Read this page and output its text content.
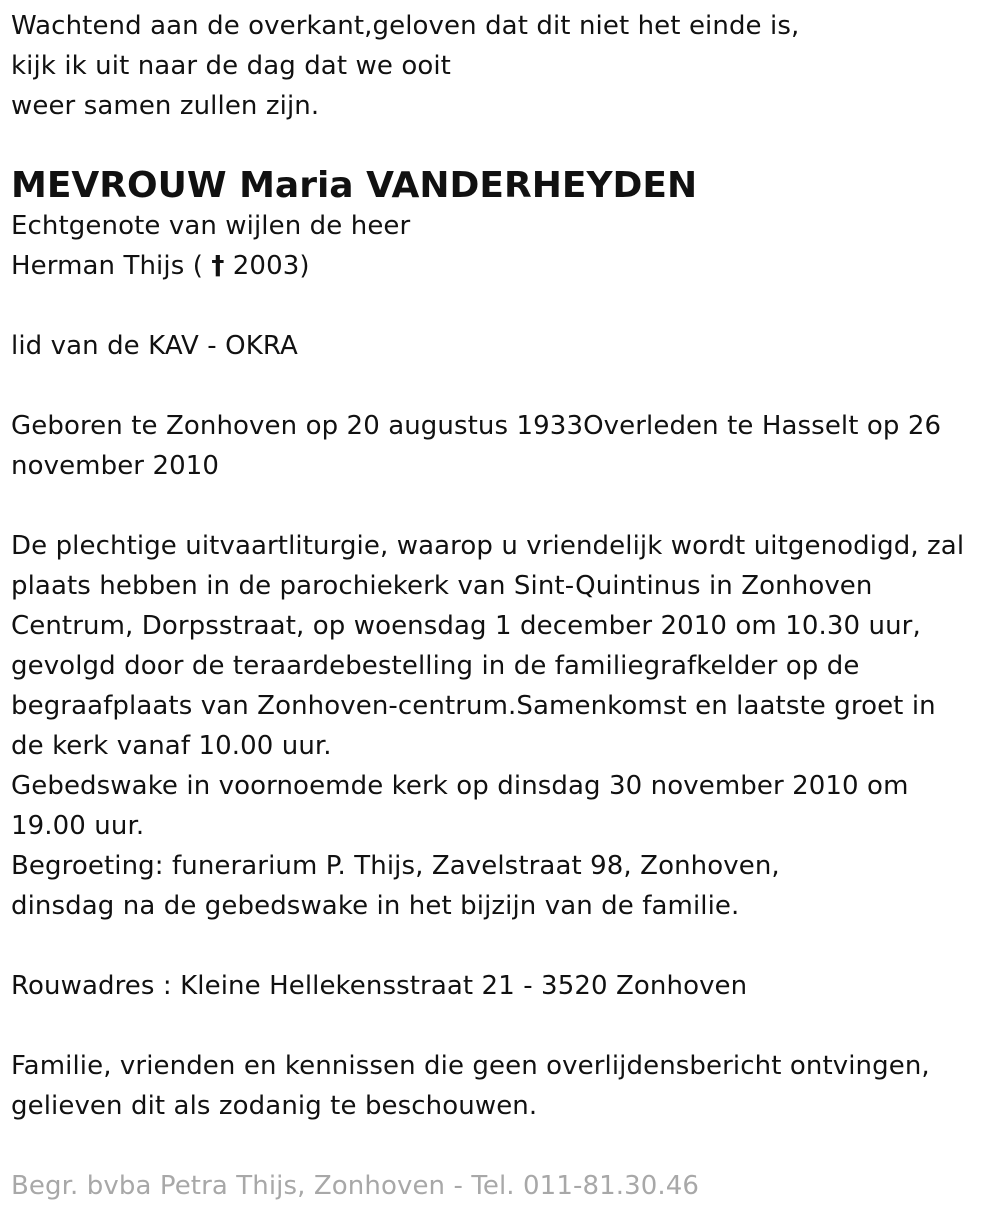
Wachtend aan de overkant,geloven dat dit niet het einde is,
kijk ik uit naar de dag dat we ooit
weer samen zullen zijn.
MEVROUW Maria VANDERHEYDEN
Echtgenote van wijlen de heer
Herman Thijs ( † 2003)
lid van de KAV - OKRA
Geboren te Zonhoven op 20 augustus 1933Overleden te Hasselt op 26
november 2010
De plechtige uitvaartliturgie, waarop u vriendelijk wordt uitgenodigd, zal
plaats hebben in de parochiekerk van Sint-Quintinus in Zonhoven
Centrum, Dorpsstraat, op woensdag 1 december 2010 om 10.30 uur,
gevolgd door de teraardebestelling in de familiegrafkelder op de
begraafplaats van Zonhoven-centrum.Samenkomst en laatste groet in
de kerk vanaf 10.00 uur.
Gebedswake in voornoemde kerk op dinsdag 30 november 2010 om
19.00 uur.
Begroeting: funerarium P. Thijs, Zavelstraat 98, Zonhoven,
dinsdag na de gebedswake in het bijzijn van de familie.
Rouwadres : Kleine Hellekensstraat 21 - 3520 Zonhoven
Familie, vrienden en kennissen die geen overlijdensbericht ontvingen,
gelieven dit als zodanig te beschouwen.
Begr. bvba Petra Thijs, Zonhoven - Tel. 011-81.30.46
